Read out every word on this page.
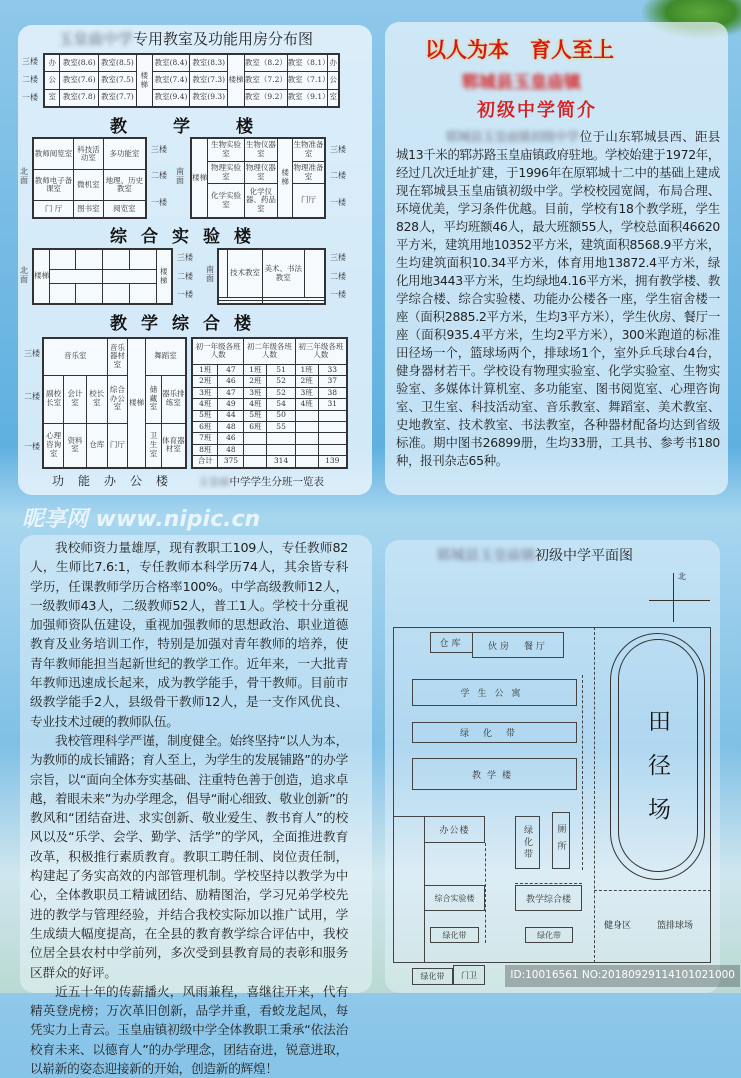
玉皇庙中学专用教室及功能用房分布图
三楼
二楼
一楼
办	教室(8.6)	教室(8.5)	楼梯	教室(8.4)	教室(8.3)	楼梯	教室（8.2）	教室（8.1）	办
公	教室(7.6)	教室(7.5)		教室(7.4)	教室(7.3)		教室（7.2）	教室（7.1）	公
室	教室(7.8)	教室(7.7)		教室(9.4)	教室(9.3)		教室（9.2）	教室（9.1）	室
教学楼
北面
教师阅览室	科技活动室	多功能室
教师电子备课室	微机室	地理、历史教室
门 厅	图书室	阅览室
三楼
二楼
一楼
南面 楼梯	生物实验室	生物仪器室	楼梯	生物准备室
	物理实验室	物理仪器室		物理准备室
	化学实验室	化学仪器、药品室		门厅
三楼
二楼
一楼
综合实验楼
北面 楼梯					楼梯

三楼
二楼
一楼
南面
	技术教室	美术、书法教室	

三楼
二楼
一楼
教学综合楼
三楼
二楼
一楼
音乐室			音乐器材室	楼梯	舞蹈室	
副校长室	会计室	校长室	综合办公室		储藏室	器乐排练室
心理咨询室	资料室	仓库	门厅		卫生室	体育器材室
初一年级各班人数		初二年级各班人数		初三年级各班人数	
1班	47	1班	51	1班	33
2班	46	2班	52	2班	37
3班	47	3班	52	3班	38
4班	49	4班	54	4班	31
5班	44	5班	50		
6班	48	6班	55		
7班	46				
8班	48				
合计	375		314		139
功能办公楼 玉皇庙中学学生分班一览表
以人为本　育人至上
郓城县玉皇庙镇
初级中学简介
郓城县玉皇庙镇初级中学位于山东郓城县西、距县城13千米的郓苏路玉皇庙镇政府驻地。学校始建于1972年，经过几次迁址扩建，于1996年在原郓城十二中的基础上建成现在郓城县玉皇庙镇初级中学。学校校园宽阔，布局合理、环境优美，学习条件优越。目前，学校有18个教学班，学生828人，平均班额46人，最大班额55人，学校总面积46620平方米，建筑用地10352平方米，建筑面积8568.9平方米，生均建筑面积10.34平方米，体育用地13872.4平方米，绿化用地3443平方米，生均绿地4.16平方米，拥有教学楼、教学综合楼、综合实验楼、功能办公楼各一座，学生宿舍楼一座（面积2885.2平方米，生均3平方米），学生伙房、餐厅一座（面积935.4平方米，生均2平方米），300米跑道的标准田径场一个，篮球场两个，排球场1个，室外乒乓球台4台，健身器材若干。学校设有物理实验室、化学实验室、生物实验室、多媒体计算机室、多功能室、图书阅览室、心理咨询室、卫生室、科技活动室、音乐教室、舞蹈室、美术教室、史地教室、技术教室、书法教室，各种器材配备均达到省级标准。期中图书26899册，生均33册，工具书、参考书180种，报刊杂志65种。
昵享网 www.nipic.cn

我校师资力量雄厚，现有教职工109人，专任教师82人，生师比7.6:1，专任教师本科学历74人，其余皆专科学历，任课教师学历合格率100%。中学高级教师12人，一级教师43人，二级教师52人，普工1人。学校十分重视加强师资队伍建设，重视加强教师的思想政治、职业道德教育及业务培训工作，特别是加强对青年教师的培养，使青年教师能担当起新世纪的教学工作。近年来，一大批青年教师迅速成长起来，成为教学能手，骨干教师。目前市级教学能手2人，县级骨干教师12人，是一支作风优良、专业技术过硬的教师队伍。

我校管理科学严谨，制度健全。始终坚持“以人为本，为教师的成长铺路；育人至上，为学生的发展铺路”的办学宗旨，以“面向全体夯实基础、注重特色善于创造，追求卓越，着眼未来”为办学理念，倡导“耐心细致、敬业创新”的教风和“团结奋进、求实创新、敬业爱生、教书育人”的校风以及“乐学、会学、勤学、活学”的学风，全面推进教育改革，积极推行素质教育。教职工聘任制、岗位责任制，构建起了务实高效的内部管理机制。学校坚持以教学为中心，全体教职员工精诚团结、励精图治，学习兄弟学校先进的教学与管理经验，并结合我校实际加以推广试用，学生成绩大幅度提高，在全县的教育教学综合评估中，我校位居全县农村中学前列，多次受到县教育局的表彰和服务区群众的好评。

近五十年的传薪播火，风雨兼程，喜继往开来，代有精英登虎榜；万次革旧创新，品学并重，看蛟龙起凤，每凭实力上青云。玉皇庙镇初级中学全体教职工秉承“依法治校育未来、以德育人”的办学理念，团结奋进，锐意进取，以崭新的姿态迎接新的开始，创造新的辉煌！

郓城县玉皇庙镇初级中学平面图
北
仓库	伙房　餐厅
学生公寓
绿化带
教学楼
办公楼
综合实验楼
绿化带
绿化带	厕所
教学综合楼
绿化带
绿化带	门卫
田径场
健身区	篮排球场
ID:10016561 NO:20180929114101021000
